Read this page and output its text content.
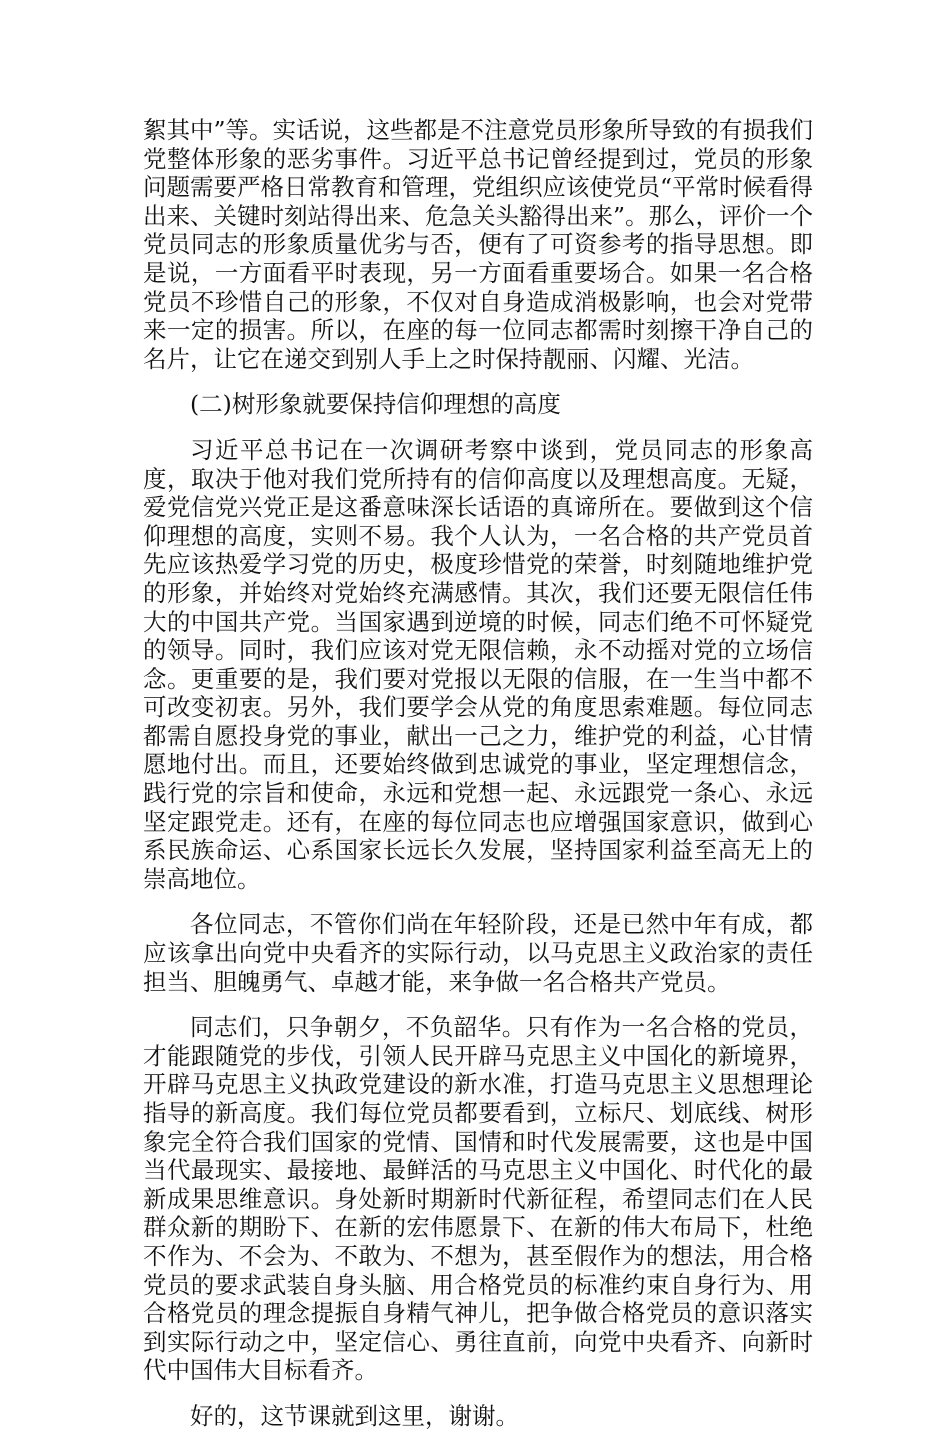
絮其中”等。实话说，这些都是不注意党员形象所导致的有损我们党整体形象的恶劣事件。习近平总书记曾经提到过，党员的形象问题需要严格日常教育和管理，党组织应该使党员“平常时候看得出来、关键时刻站得出来、危急关头豁得出来”。那么，评价一个党员同志的形象质量优劣与否，便有了可资参考的指导思想。即是说，一方面看平时表现，另一方面看重要场合。如果一名合格党员不珍惜自己的形象，不仅对自身造成消极影响，也会对党带来一定的损害。所以，在座的每一位同志都需时刻擦干净自己的名片，让它在递交到别人手上之时保持靓丽、闪耀、光洁。

(二)树形象就要保持信仰理想的高度

习近平总书记在一次调研考察中谈到，党员同志的形象高度，取决于他对我们党所持有的信仰高度以及理想高度。无疑，爱党信党兴党正是这番意味深长话语的真谛所在。要做到这个信仰理想的高度，实则不易。我个人认为，一名合格的共产党员首先应该热爱学习党的历史，极度珍惜党的荣誉，时刻随地维护党的形象，并始终对党始终充满感情。其次，我们还要无限信任伟大的中国共产党。当国家遇到逆境的时候，同志们绝不可怀疑党的领导。同时，我们应该对党无限信赖，永不动摇对党的立场信念。更重要的是，我们要对党报以无限的信服，在一生当中都不可改变初衷。另外，我们要学会从党的角度思索难题。每位同志都需自愿投身党的事业，献出一己之力，维护党的利益，心甘情愿地付出。而且，还要始终做到忠诚党的事业，坚定理想信念，践行党的宗旨和使命，永远和党想一起、永远跟党一条心、永远坚定跟党走。还有，在座的每位同志也应增强国家意识，做到心系民族命运、心系国家长远长久发展，坚持国家利益至高无上的崇高地位。

各位同志，不管你们尚在年轻阶段，还是已然中年有成，都应该拿出向党中央看齐的实际行动，以马克思主义政治家的责任担当、胆魄勇气、卓越才能，来争做一名合格共产党员。

同志们，只争朝夕，不负韶华。只有作为一名合格的党员，才能跟随党的步伐，引领人民开辟马克思主义中国化的新境界，开辟马克思主义执政党建设的新水准，打造马克思主义思想理论指导的新高度。我们每位党员都要看到，立标尺、划底线、树形象完全符合我们国家的党情、国情和时代发展需要，这也是中国当代最现实、最接地、最鲜活的马克思主义中国化、时代化的最新成果思维意识。身处新时期新时代新征程，希望同志们在人民群众新的期盼下、在新的宏伟愿景下、在新的伟大布局下，杜绝不作为、不会为、不敢为、不想为，甚至假作为的想法，用合格党员的要求武装自身头脑、用合格党员的标准约束自身行为、用合格党员的理念提振自身精气神儿，把争做合格党员的意识落实到实际行动之中，坚定信心、勇往直前，向党中央看齐、向新时代中国伟大目标看齐。

好的，这节课就到这里，谢谢。
